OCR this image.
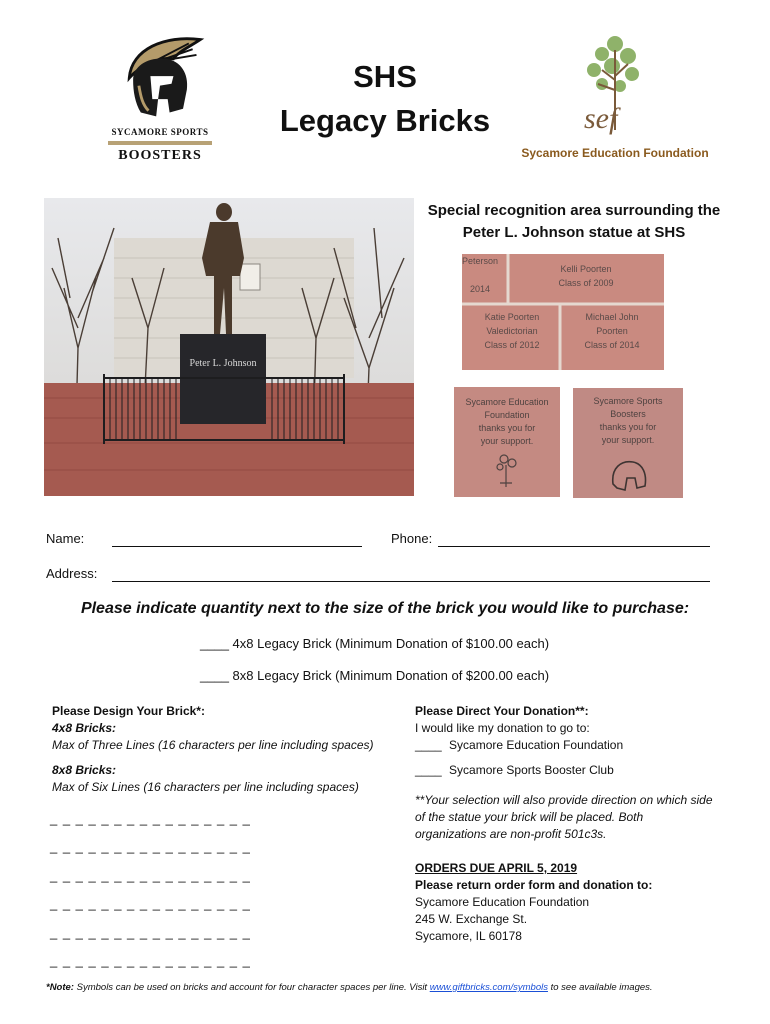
SYCAMORE SPORTS
BOOSTERS
SHS
Legacy Bricks	sef
Sycamore Education Foundation
Peter L. Johnson
Special recognition area surrounding the
Peter L. Johnson statue at SHS
Peterson
2014
Kelli Poorten
Class of 2009
Katie Poorten
Valedictorian
Class of 2012
Michael John
Poorten
Class of 2014
Sycamore Education
Foundation
thanks you for
your support.
Sycamore Sports
Boosters
thanks you for
your support.
Name:	Phone:
Address:
Please indicate quantity next to the size of the brick you would like to purchase:
____ 4x8 Legacy Brick (Minimum Donation of $100.00 each)
____ 8x8 Legacy Brick (Minimum Donation of $200.00 each)
Please Design Your Brick*:
4x8 Bricks:
Max of Three Lines (16 characters per line including spaces)
8x8 Bricks:
Max of Six Lines (16 characters per line including spaces)
_ _ _ _ _ _ _ _ _ _ _ _ _ _ _ _
_ _ _ _ _ _ _ _ _ _ _ _ _ _ _ _
_ _ _ _ _ _ _ _ _ _ _ _ _ _ _ _
_ _ _ _ _ _ _ _ _ _ _ _ _ _ _ _
_ _ _ _ _ _ _ _ _ _ _ _ _ _ _ _
_ _ _ _ _ _ _ _ _ _ _ _ _ _ _ _
Please Direct Your Donation**:
I would like my donation to go to:
____ Sycamore Education Foundation
____ Sycamore Sports Booster Club
**Your selection will also provide direction on which side of the statue your brick will be placed. Both organizations are non-profit 501c3s.
ORDERS DUE APRIL 5, 2019
Please return order form and donation to:
Sycamore Education Foundation
245 W. Exchange St.
Sycamore, IL 60178
*Note: Symbols can be used on bricks and account for four character spaces per line. Visit www.giftbricks.com/symbols to see available images.
